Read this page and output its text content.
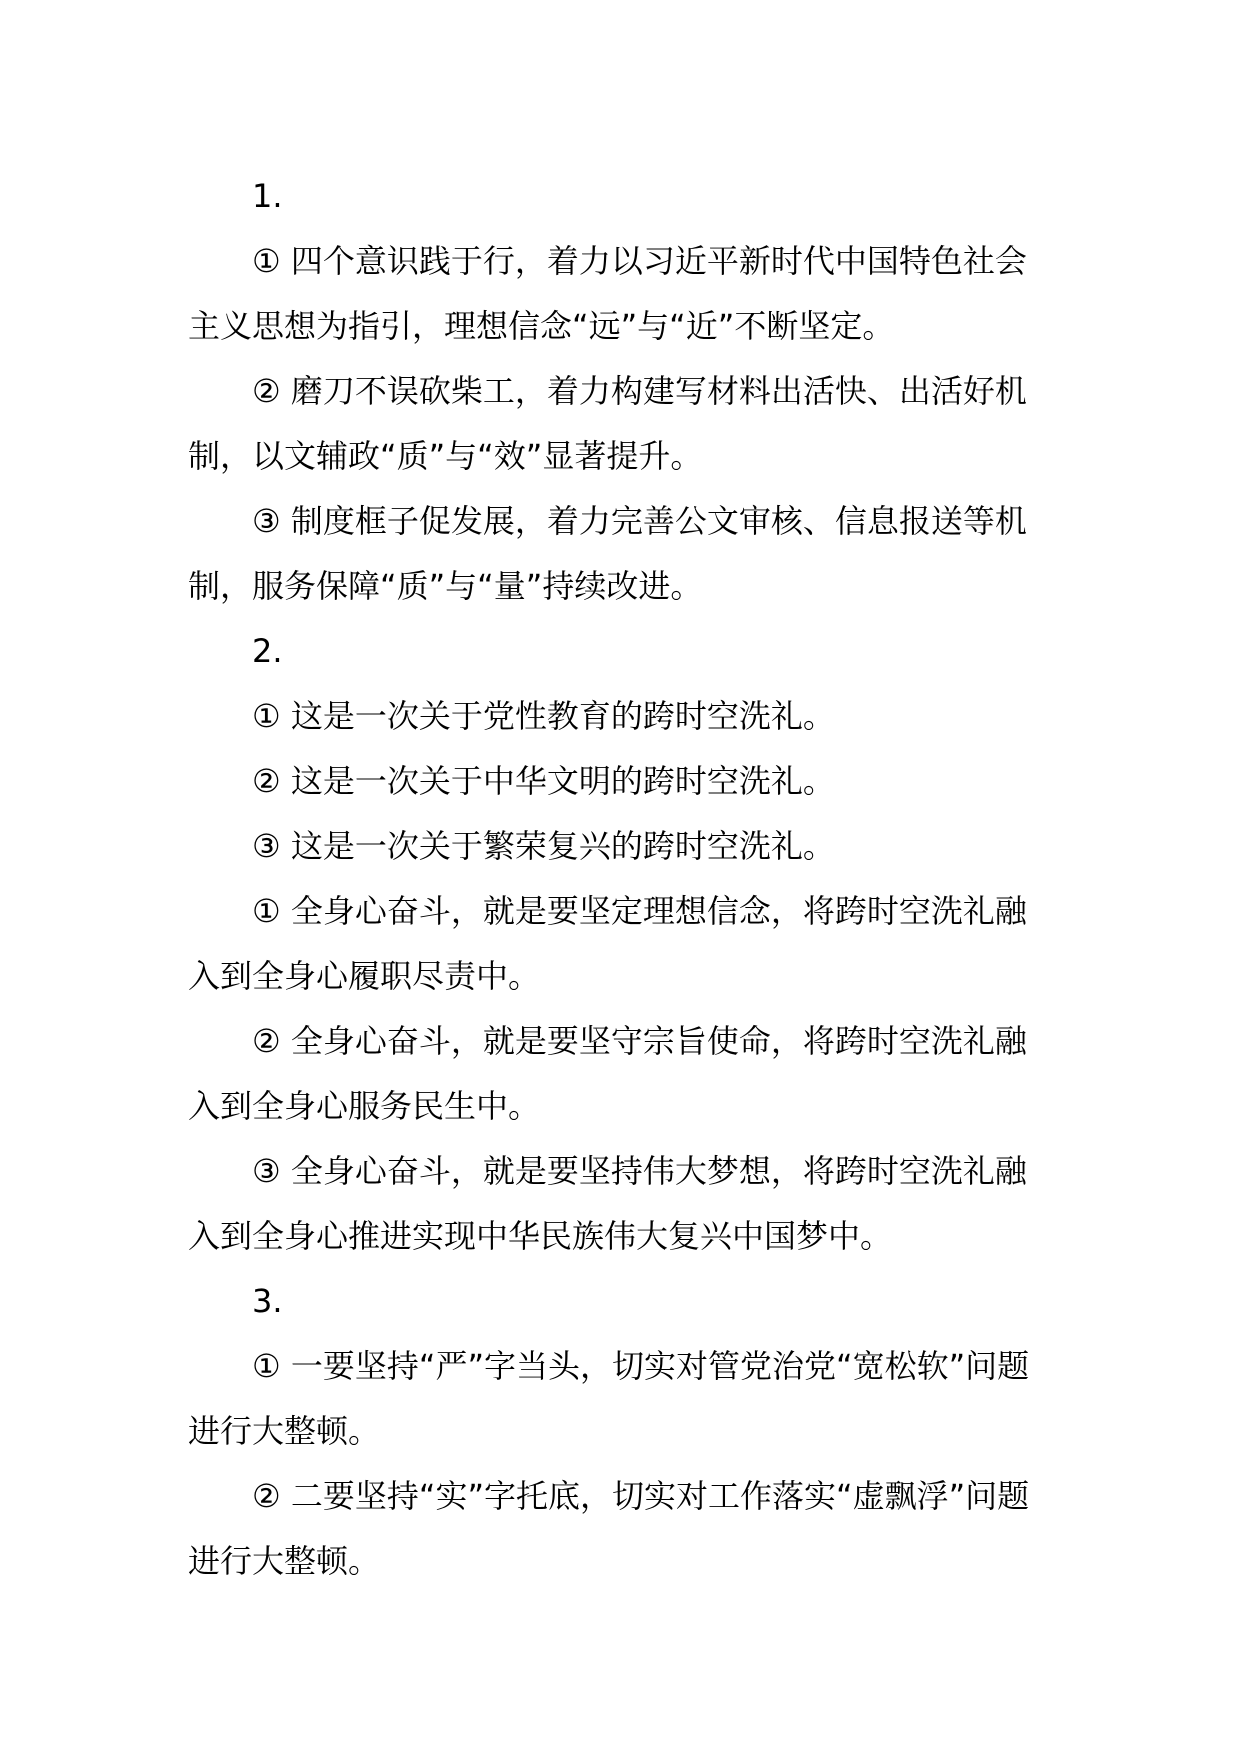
1.

① 四个意识践于行，着力以习近平新时代中国特色社会主义思想为指引，理想信念“远”与“近”不断坚定。

② 磨刀不误砍柴工，着力构建写材料出活快、出活好机制，以文辅政“质”与“效”显著提升。

③ 制度框子促发展，着力完善公文审核、信息报送等机制，服务保障“质”与“量”持续改进。

2.

① 这是一次关于党性教育的跨时空洗礼。

② 这是一次关于中华文明的跨时空洗礼。

③ 这是一次关于繁荣复兴的跨时空洗礼。

① 全身心奋斗，就是要坚定理想信念，将跨时空洗礼融入到全身心履职尽责中。

② 全身心奋斗，就是要坚守宗旨使命，将跨时空洗礼融入到全身心服务民生中。

③ 全身心奋斗，就是要坚持伟大梦想，将跨时空洗礼融入到全身心推进实现中华民族伟大复兴中国梦中。

3.

① 一要坚持“严”字当头，切实对管党治党“宽松软”问题进行大整顿。

② 二要坚持“实”字托底，切实对工作落实“虚飘浮”问题进行大整顿。
